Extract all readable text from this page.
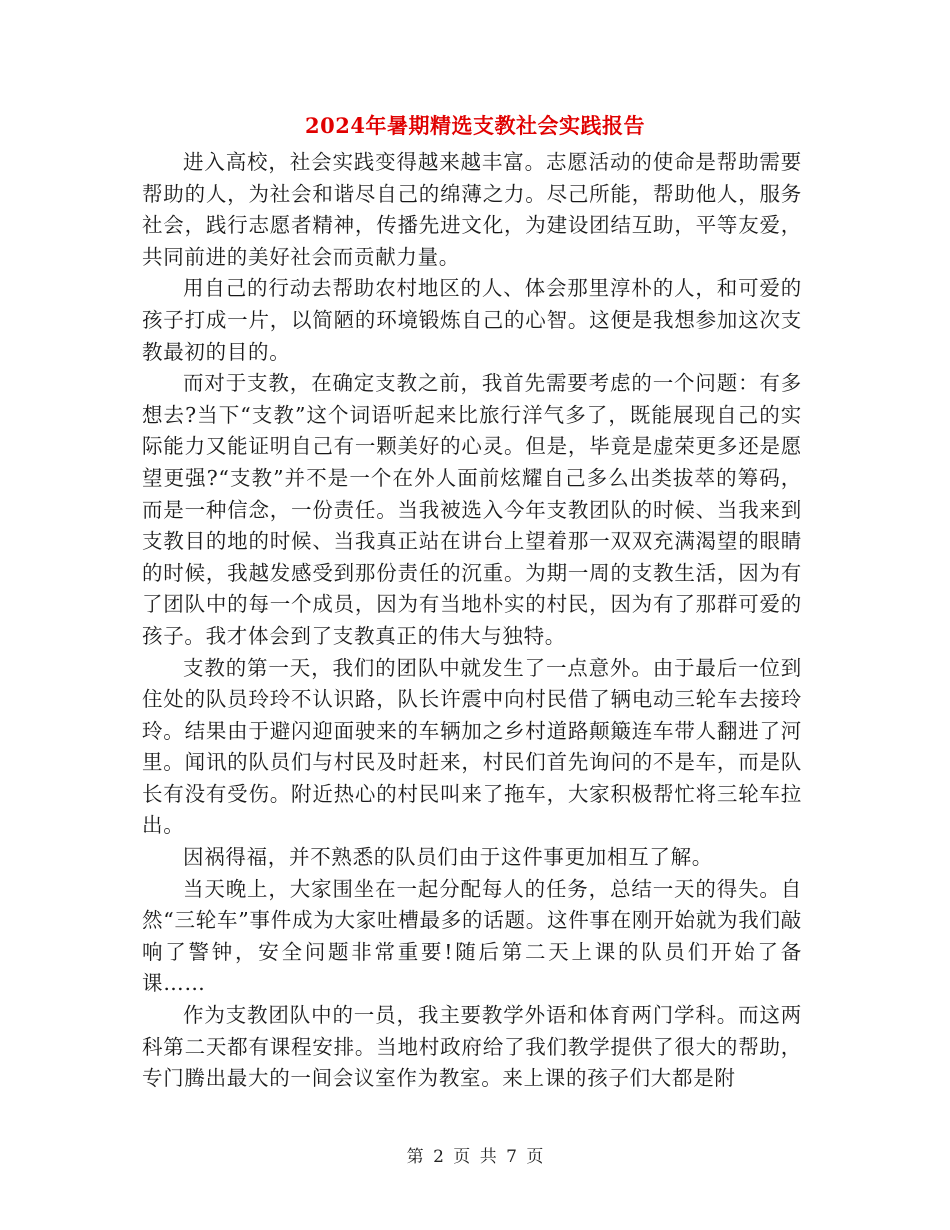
2024年暑期精选支教社会实践报告

进入高校，社会实践变得越来越丰富。志愿活动的使命是帮助需要帮助的人，为社会和谐尽自己的绵薄之力。尽己所能，帮助他人，服务社会，践行志愿者精神，传播先进文化，为建设团结互助，平等友爱，共同前进的美好社会而贡献力量。

用自己的行动去帮助农村地区的人、体会那里淳朴的人，和可爱的孩子打成一片，以简陋的环境锻炼自己的心智。这便是我想参加这次支教最初的目的。

而对于支教，在确定支教之前，我首先需要考虑的一个问题：有多想去?当下“支教”这个词语听起来比旅行洋气多了，既能展现自己的实际能力又能证明自己有一颗美好的心灵。但是，毕竟是虚荣更多还是愿望更强?“支教”并不是一个在外人面前炫耀自己多么出类拔萃的筹码，而是一种信念，一份责任。当我被选入今年支教团队的时候、当我来到支教目的地的时候、当我真正站在讲台上望着那一双双充满渴望的眼睛的时候，我越发感受到那份责任的沉重。为期一周的支教生活，因为有了团队中的每一个成员，因为有当地朴实的村民，因为有了那群可爱的孩子。我才体会到了支教真正的伟大与独特。

支教的第一天，我们的团队中就发生了一点意外。由于最后一位到住处的队员玲玲不认识路，队长许震中向村民借了辆电动三轮车去接玲玲。结果由于避闪迎面驶来的车辆加之乡村道路颠簸连车带人翻进了河里。闻讯的队员们与村民及时赶来，村民们首先询问的不是车，而是队长有没有受伤。附近热心的村民叫来了拖车，大家积极帮忙将三轮车拉出。

因祸得福，并不熟悉的队员们由于这件事更加相互了解。

当天晚上，大家围坐在一起分配每人的任务，总结一天的得失。自然“三轮车”事件成为大家吐槽最多的话题。这件事在刚开始就为我们敲响了警钟，安全问题非常重要!随后第二天上课的队员们开始了备课……

作为支教团队中的一员，我主要教学外语和体育两门学科。而这两科第二天都有课程安排。当地村政府给了我们教学提供了很大的帮助，专门腾出最大的一间会议室作为教室。来上课的孩子们大都是附

第 2 页 共 7 页
